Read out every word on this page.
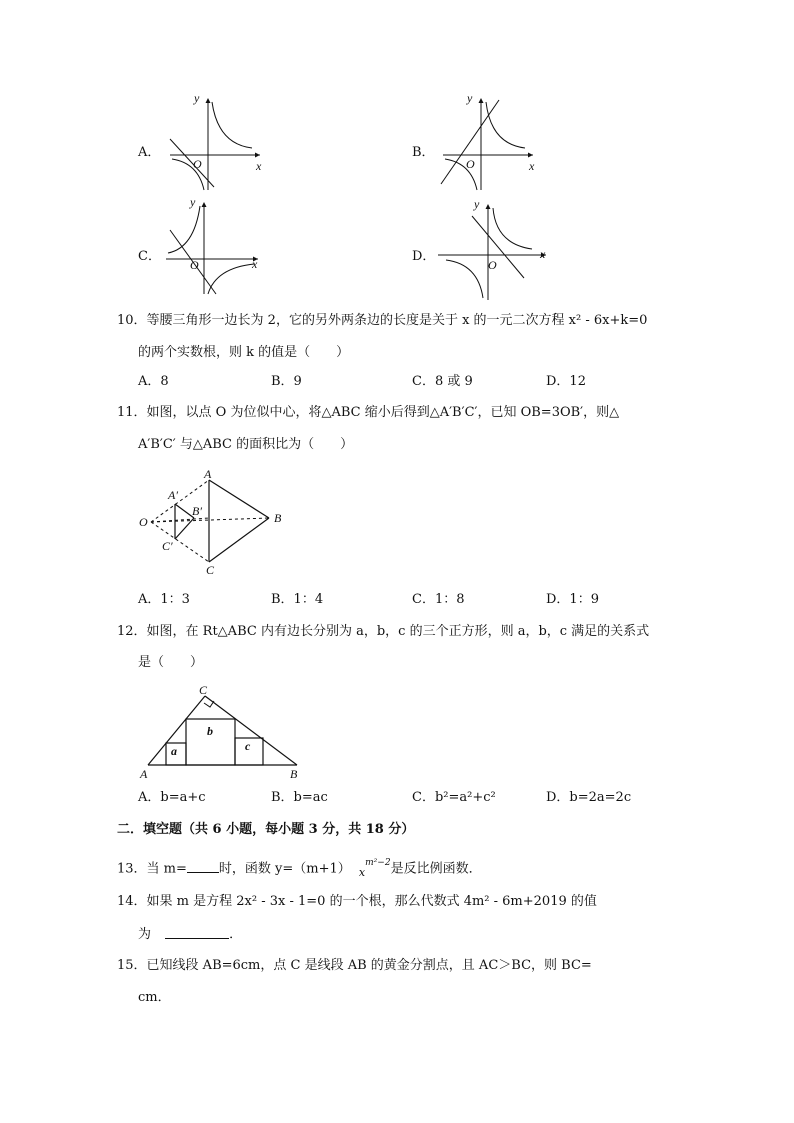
A．
y
x
O
B．
y
x
O
C．
y
x
O
D．
y
x
O
10．等腰三角形一边长为 2，它的另外两条边的长度是关于 x 的一元二次方程 x² ‑ 6x+k=0
的两个实数根，则 k 的值是（　　）
A．8	B．9	C．8 或 9	D．12
11．如图，以点 O 为位似中心，将△ABC 缩小后得到△A′B′C′，已知 OB=3OB′，则△
A′B′C′ 与△ABC 的面积比为（　　）
A
A′
B′	B
O
C′
C
A．1：3	B．1：4	C．1：8	D．1：9
12．如图，在 Rt△ABC 内有边长分别为 a，b，c 的三个正方形，则 a，b，c 满足的关系式
是（　　）
C
b
a	c
A	B
A．b=a+c	B．b=ac	C．b²=a²+c²	D．b=2a=2c
二．填空题（共 6 小题，每小题 3 分，共 18 分）
13．当 m= 时，函数 y=（m+1） $_x^{m^2-2}$是反比例函数．
14．如果 m 是方程 2x² ‑ 3x ‑ 1=0 的一个根，那么代数式 4m² ‑ 6m+2019 的值
为	．
15．已知线段 AB=6cm，点 C 是线段 AB 的黄金分割点，且 AC＞BC，则 BC=
cm．
